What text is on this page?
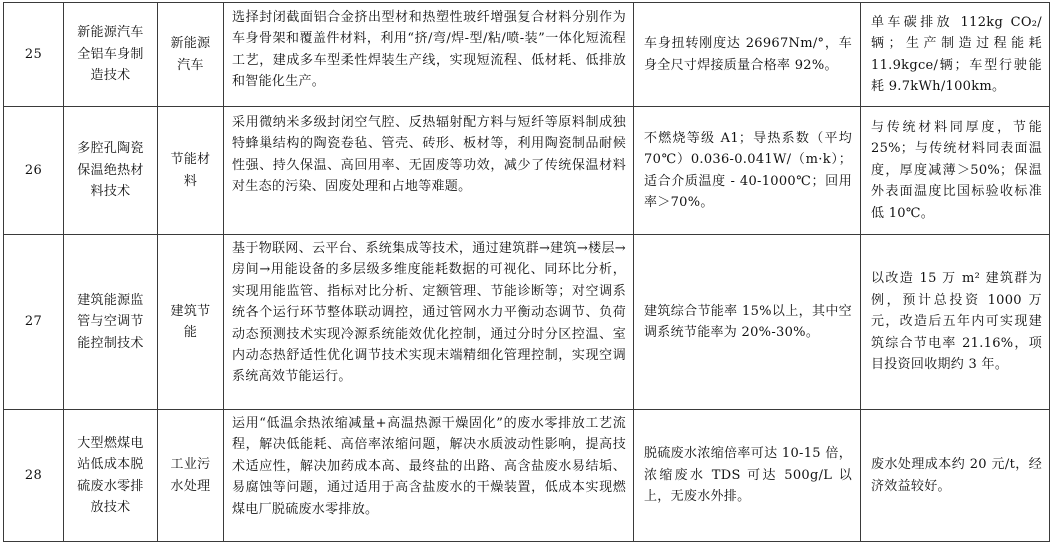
25	新能源汽车全铝车身制造技术	新能源汽车	选择封闭截面铝合金挤出型材和热塑性玻纤增强复合材料分别作为车身骨架和覆盖件材料，利用“挤/弯/焊-型/粘/喷-装”一体化短流程工艺，建成多车型柔性焊装生产线，实现短流程、低材耗、低排放和智能化生产。	车身扭转刚度达 26967Nm/°，车身全尺寸焊接质量合格率 92%。	单车碳排放 112kg CO₂/辆；生产制造过程能耗 11.9kgce/辆；车型行驶能耗 9.7kWh/100km。
26	多腔孔陶瓷保温绝热材料技术	节能材料	采用微纳米多级封闭空气腔、反热辐射配方料与短纤等原料制成独特蜂巢结构的陶瓷卷毡、管壳、砖形、板材等，利用陶瓷制品耐候性强、持久保温、高回用率、无固废等功效，减少了传统保温材料对生态的污染、固废处理和占地等难题。	不燃烧等级 A1；导热系数（平均 70℃）0.036-0.041W/（m·k）；适合介质温度 - 40-1000℃；回用率＞70%。	与传统材料同厚度，节能 25%；与传统材料同表面温度，厚度减薄＞50%；保温外表面温度比国标验收标准低 10℃。
27	建筑能源监管与空调节能控制技术	建筑节能	基于物联网、云平台、系统集成等技术，通过建筑群→建筑→楼层→房间→用能设备的多层级多维度能耗数据的可视化、同环比分析，实现用能监管、指标对比分析、定额管理、节能诊断等；对空调系统各个运行环节整体联动调控，通过管网水力平衡动态调节、负荷动态预测技术实现冷源系统能效优化控制，通过分时分区控温、室内动态热舒适性优化调节技术实现末端精细化管理控制，实现空调系统高效节能运行。	建筑综合节能率 15%以上，其中空调系统节能率为 20%-30%。	以改造 15 万 m² 建筑群为例，预计总投资 1000 万元，改造后五年内可实现建筑综合节电率 21.16%，项目投资回收期约 3 年。
28	大型燃煤电站低成本脱硫废水零排放技术	工业污水处理	运用“低温余热浓缩减量+高温热源干燥固化”的废水零排放工艺流程，解决低能耗、高倍率浓缩问题，解决水质波动性影响，提高技术适应性，解决加药成本高、最终盐的出路、高含盐废水易结垢、易腐蚀等问题，通过适用于高含盐废水的干燥装置，低成本实现燃煤电厂脱硫废水零排放。	脱硫废水浓缩倍率可达 10-15 倍，浓缩废水 TDS 可达 500g/L 以上，无废水外排。	废水处理成本约 20 元/t，经济效益较好。
